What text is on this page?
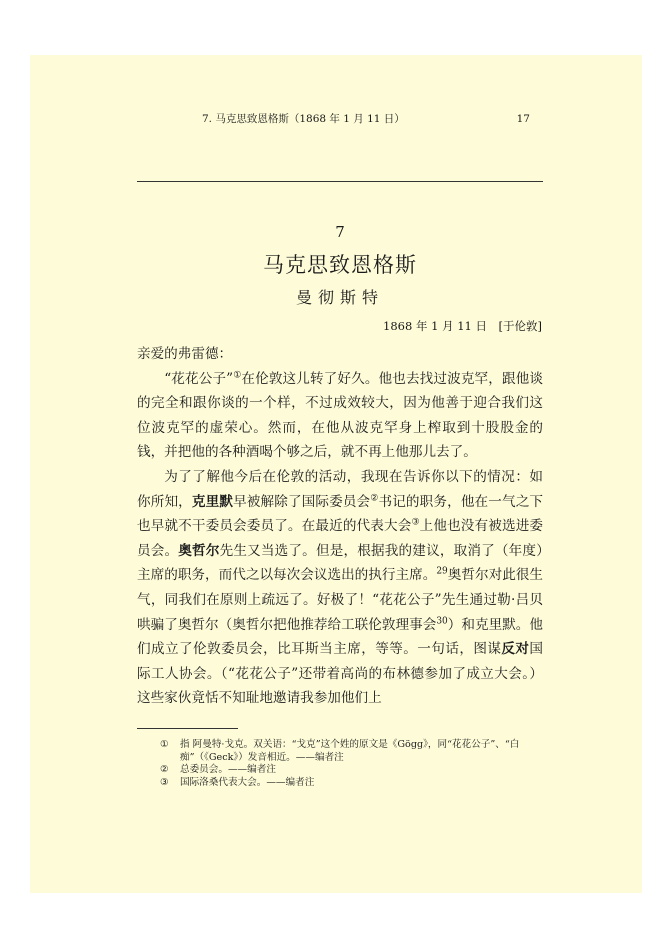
7. 马克思致恩格斯（1868 年 1 月 11 日）	17
7
马克思致恩格斯
曼彻斯特
1868 年 1 月 11 日　[于伦敦]

亲爱的弗雷德：

“花花公子”①在伦敦这儿转了好久。他也去找过波克罕，跟他谈的完全和跟你谈的一个样，不过成效较大，因为他善于迎合我们这位波克罕的虚荣心。然而，在他从波克罕身上榨取到十股股金的钱，并把他的各种酒喝个够之后，就不再上他那儿去了。

为了了解他今后在伦敦的活动，我现在告诉你以下的情况：如你所知，克里默早被解除了国际委员会②书记的职务，他在一气之下也早就不干委员会委员了。在最近的代表大会③上他也没有被选进委员会。奥哲尔先生又当选了。但是，根据我的建议，取消了（年度）主席的职务，而代之以每次会议选出的执行主席。$^{29}$奥哲尔对此很生气，同我们在原则上疏远了。好极了！“花花公子”先生通过勒·吕贝哄骗了奥哲尔（奥哲尔把他推荐给工联伦敦理事会$^{30}$）和克里默。他们成立了伦敦委员会，比耳斯当主席，等等。一句话，图谋反对国际工人协会。（“花花公子”还带着高尚的布林德参加了成立大会。）这些家伙竟恬不知耻地邀请我参加他们上

①	指 阿曼特·戈克。双关语：“戈克”这个姓的原文是《Gögg》，同“花花公子”、“白痴”（《Geck》）发音相近。——编者注
②	总委员会。——编者注
③	国际洛桑代表大会。——编者注
